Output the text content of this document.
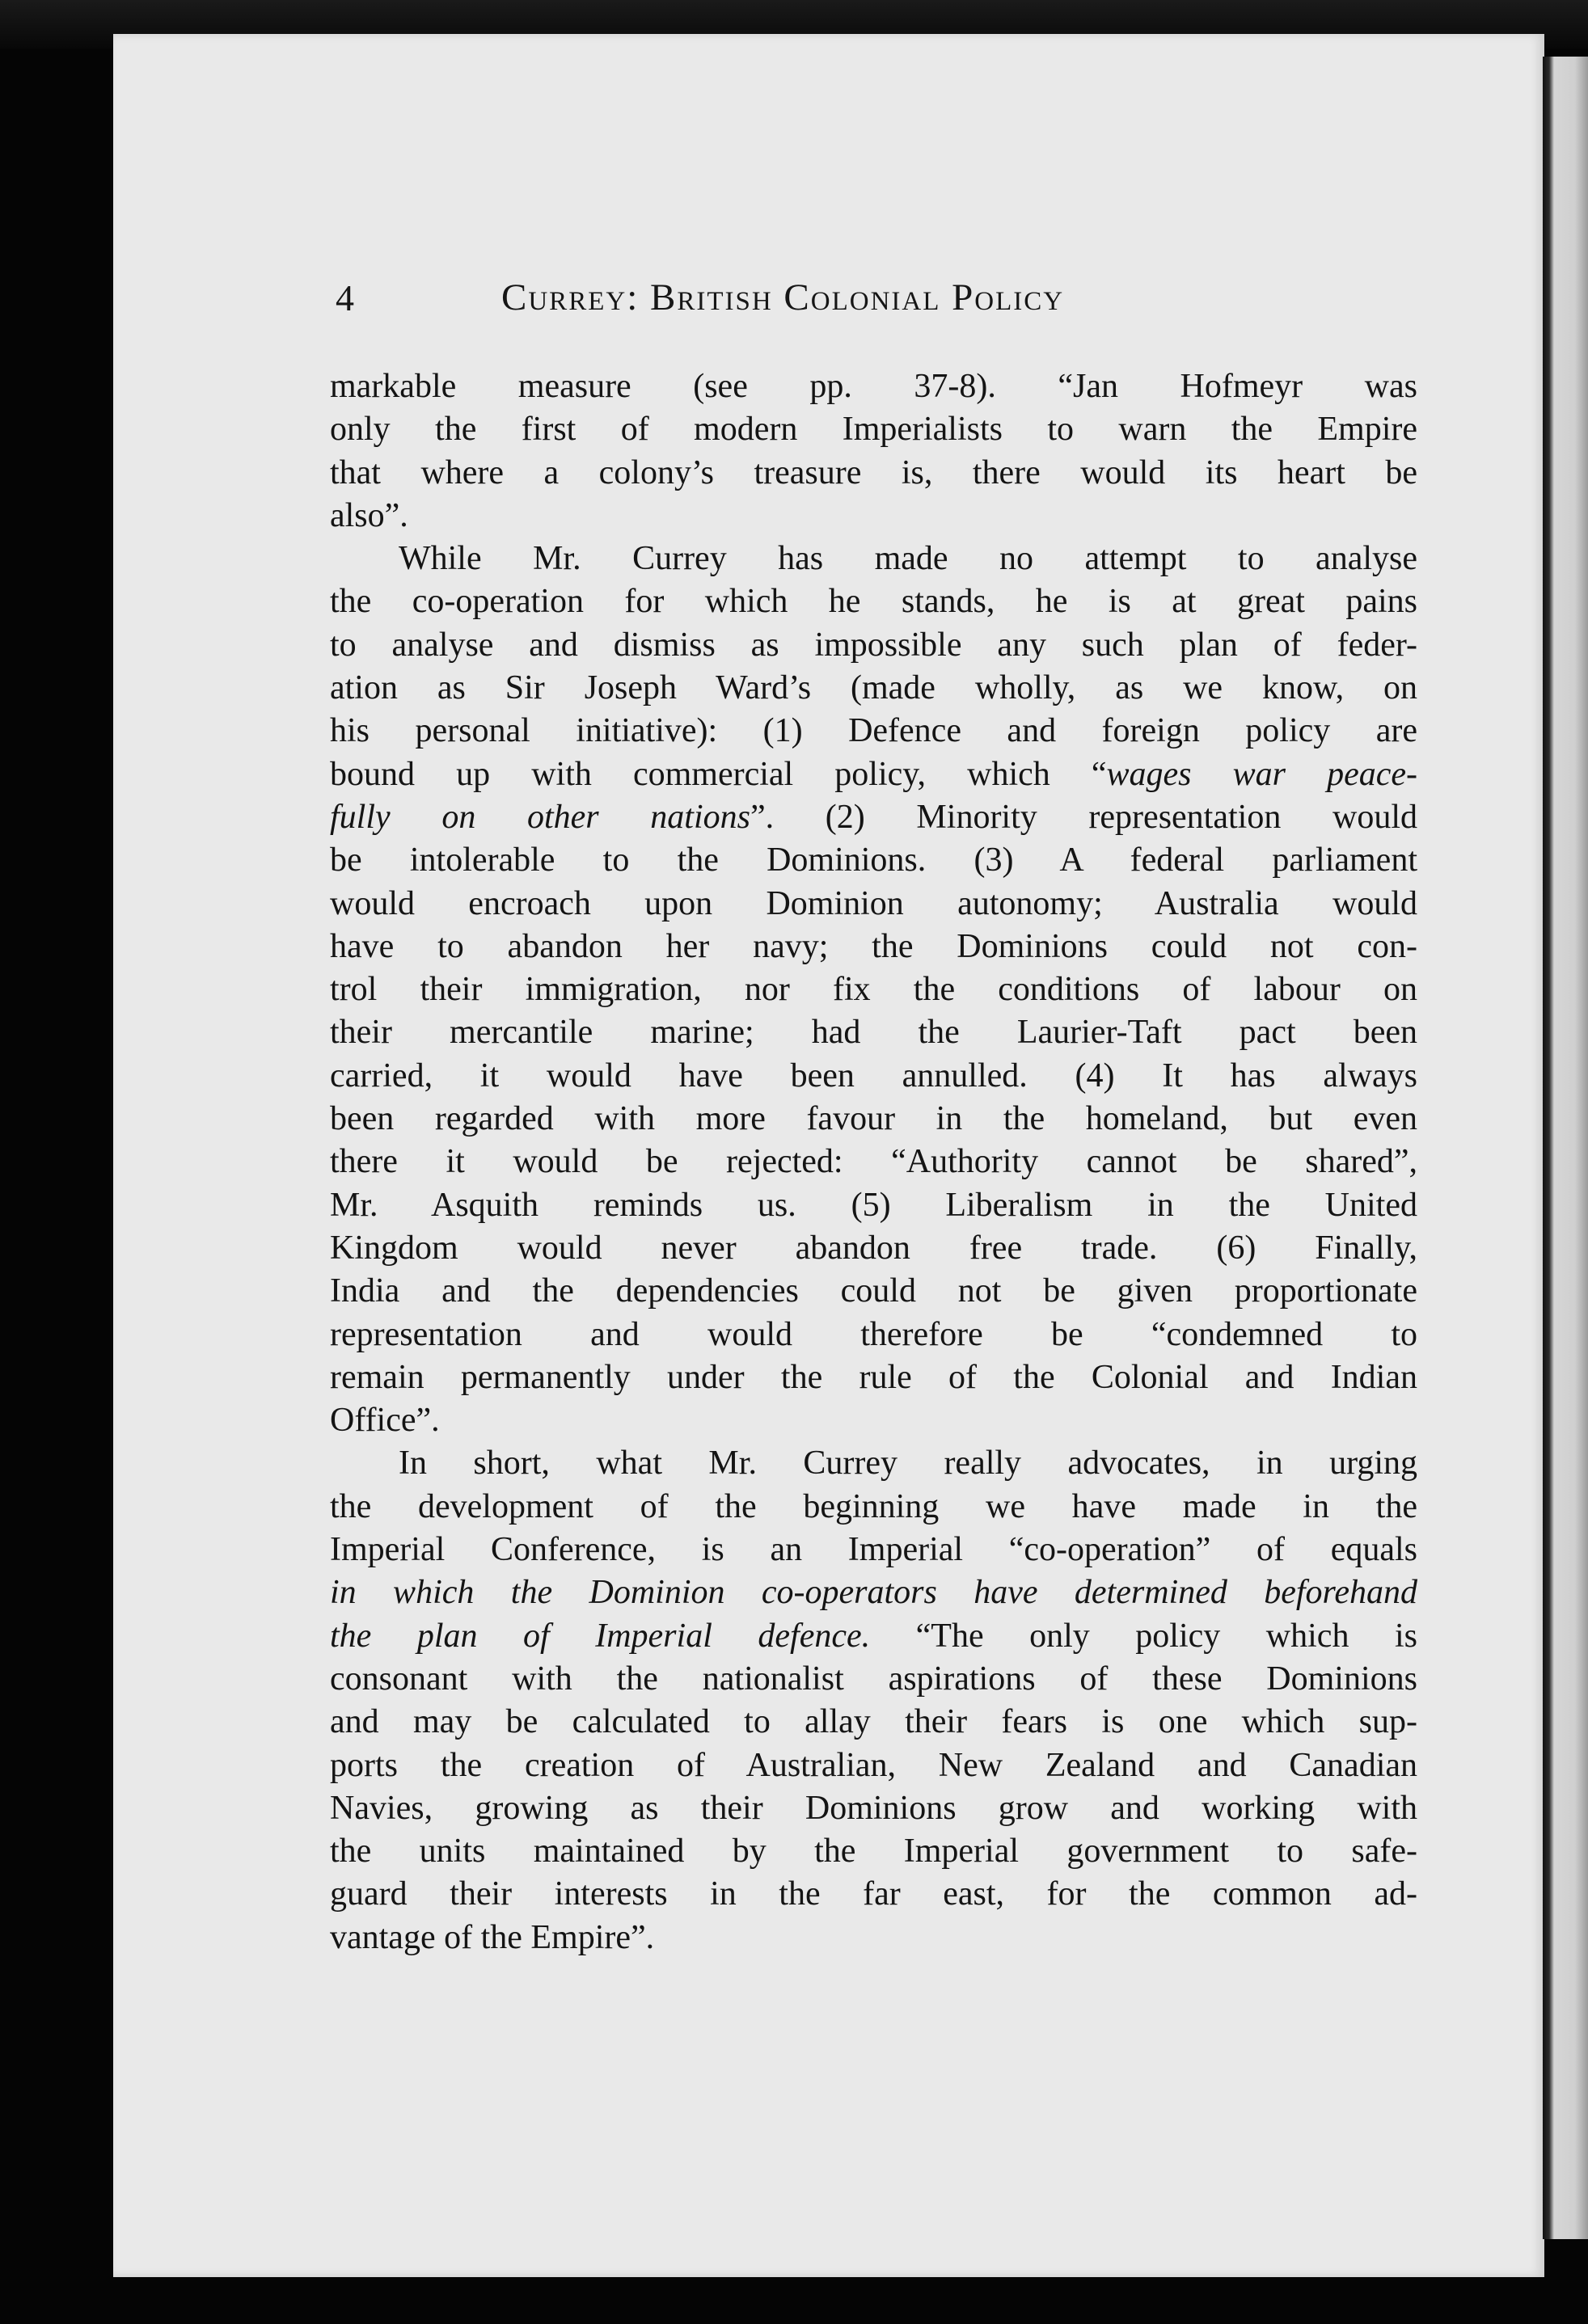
4	Currey: British Colonial Policy
markable measure (see pp. 37-8). “Jan Hofmeyr was
only the first of modern Imperialists to warn the Empire
that where a colony’s treasure is, there would its heart be
also”.
While Mr. Currey has made no attempt to analyse
the co-operation for which he stands, he is at great pains
to analyse and dismiss as impossible any such plan of feder-
ation as Sir Joseph Ward’s (made wholly, as we know, on
his personal initiative): (1) Defence and foreign policy are
bound up with commercial policy, which “wages war peace-
fully on other nations”. (2) Minority representation would
be intolerable to the Dominions. (3) A federal parliament
would encroach upon Dominion autonomy; Australia would
have to abandon her navy; the Dominions could not con-
trol their immigration, nor fix the conditions of labour on
their mercantile marine; had the Laurier-Taft pact been
carried, it would have been annulled. (4) It has always
been regarded with more favour in the homeland, but even
there it would be rejected: “Authority cannot be shared”,
Mr. Asquith reminds us. (5) Liberalism in the United
Kingdom would never abandon free trade. (6) Finally,
India and the dependencies could not be given proportionate
representation and would therefore be “condemned to
remain permanently under the rule of the Colonial and Indian
Office”.
In short, what Mr. Currey really advocates, in urging
the development of the beginning we have made in the
Imperial Conference, is an Imperial “co-operation” of equals
in which the Dominion co-operators have determined beforehand
the plan of Imperial defence. “The only policy which is
consonant with the nationalist aspirations of these Dominions
and may be calculated to allay their fears is one which sup-
ports the creation of Australian, New Zealand and Canadian
Navies, growing as their Dominions grow and working with
the units maintained by the Imperial government to safe-
guard their interests in the far east, for the common ad-
vantage of the Empire”.
